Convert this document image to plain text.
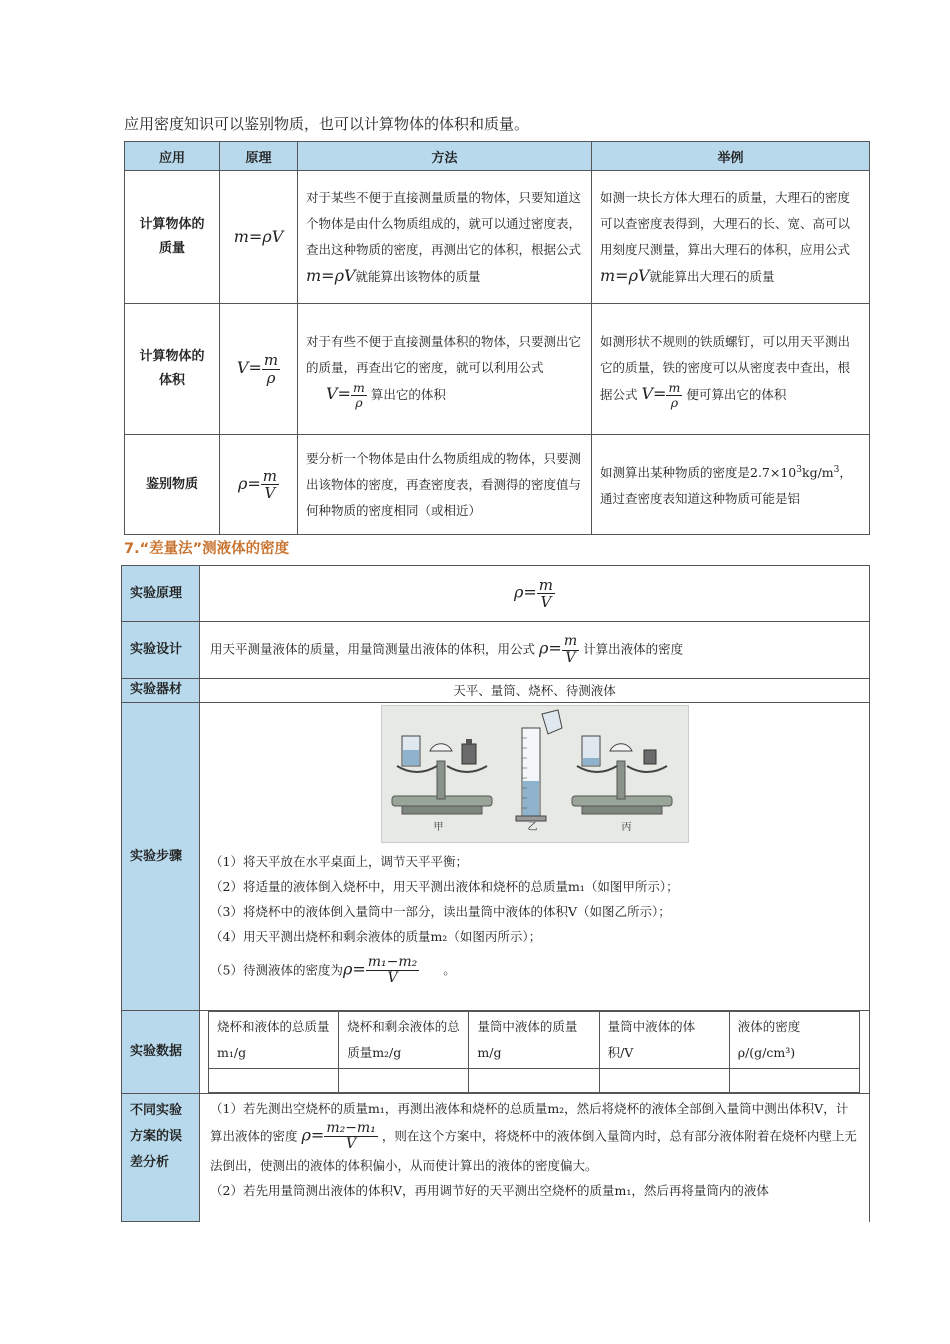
应用密度知识可以鉴别物质，也可以计算物体的体积和质量。
应用	原理	方法	举例
计算物体的
质量	m=ρV	对于某些不便于直接测量质量的物体，只要知道这个物体是由什么物质组成的，就可以通过密度表，查出这种物质的密度，再测出它的体积，根据公式m=ρV就能算出该物体的质量	如测一块长方体大理石的质量，大理石的密度可以查密度表得到，大理石的长、宽、高可以用刻度尺测量，算出大理石的体积，应用公式m=ρV就能算出大理石的质量
计算物体的
体积	$V= \frac{m}{\rho}$	对于有些不便于直接测量体积的物体，只要测出它的质量，再查出它的密度，就可以利用公式 $V= \frac{m}{\rho}$ 算出它的体积	如测形状不规则的铁质螺钉，可以用天平测出它的质量，铁的密度可以从密度表中查出，根据公式 $V= \frac{m}{\rho}$ 便可算出它的体积
鉴别物质	$\rho= \frac{m}{V}$	要分析一个物体是由什么物质组成的物体，只要测出该物体的密度，再查密度表，看测得的密度值与何种物质的密度相同（或相近）	如测算出某种物质的密度是$2.7\times 10^3kg/m^3$，通过查密度表知道这种物质可能是铝
7.“差量法”测液体的密度
实验原理	$\rho= \frac{m}{V}$

实验设计	用天平测量液体的质量，用量筒测量出液体的体积，用公式 $\rho= \frac{m}{V}$ 计算出液体的密度
实验器材	天平、量筒、烧杯、待测液体
实验步骤	
甲	乙	丙
（1）将天平放在水平桌面上，调节天平平衡；
（2）将适量的液体倒入烧杯中，用天平测出液体和烧杯的总质量m₁（如图甲所示）；
（3）将烧杯中的液体倒入量筒中一部分，读出量筒中液体的体积V（如图乙所示）；
（4）用天平测出烧杯和剩余液体的质量m₂（如图丙所示）；
（5）待测液体的密度为$\rho= \frac{\text{m₁−m₂}}{V}$ 。

实验数据	
烧杯和液体的总质量m₁/g	烧杯和剩余液体的总质量m₂/g	量筒中液体的质量m/g	量筒中液体的体积/V	液体的密度ρ/(g/cm³)

不同实验方案的误差分析	（1）若先测出空烧杯的质量m₁，再测出液体和烧杯的总质量m₂，然后将烧杯的液体全部倒入量筒中测出体积V，计算出液体的密度 $\rho= \frac{\text{m₂−m₁}}{V}$ ，则在这个方案中，将烧杯中的液体倒入量筒内时，总有部分液体附着在烧杯内壁上无法倒出，使测出的液体的体积偏小，从而使计算出的液体的密度偏大。
（2）若先用量筒测出液体的体积V，再用调节好的天平测出空烧杯的质量m₁，然后再将量筒内的液体
